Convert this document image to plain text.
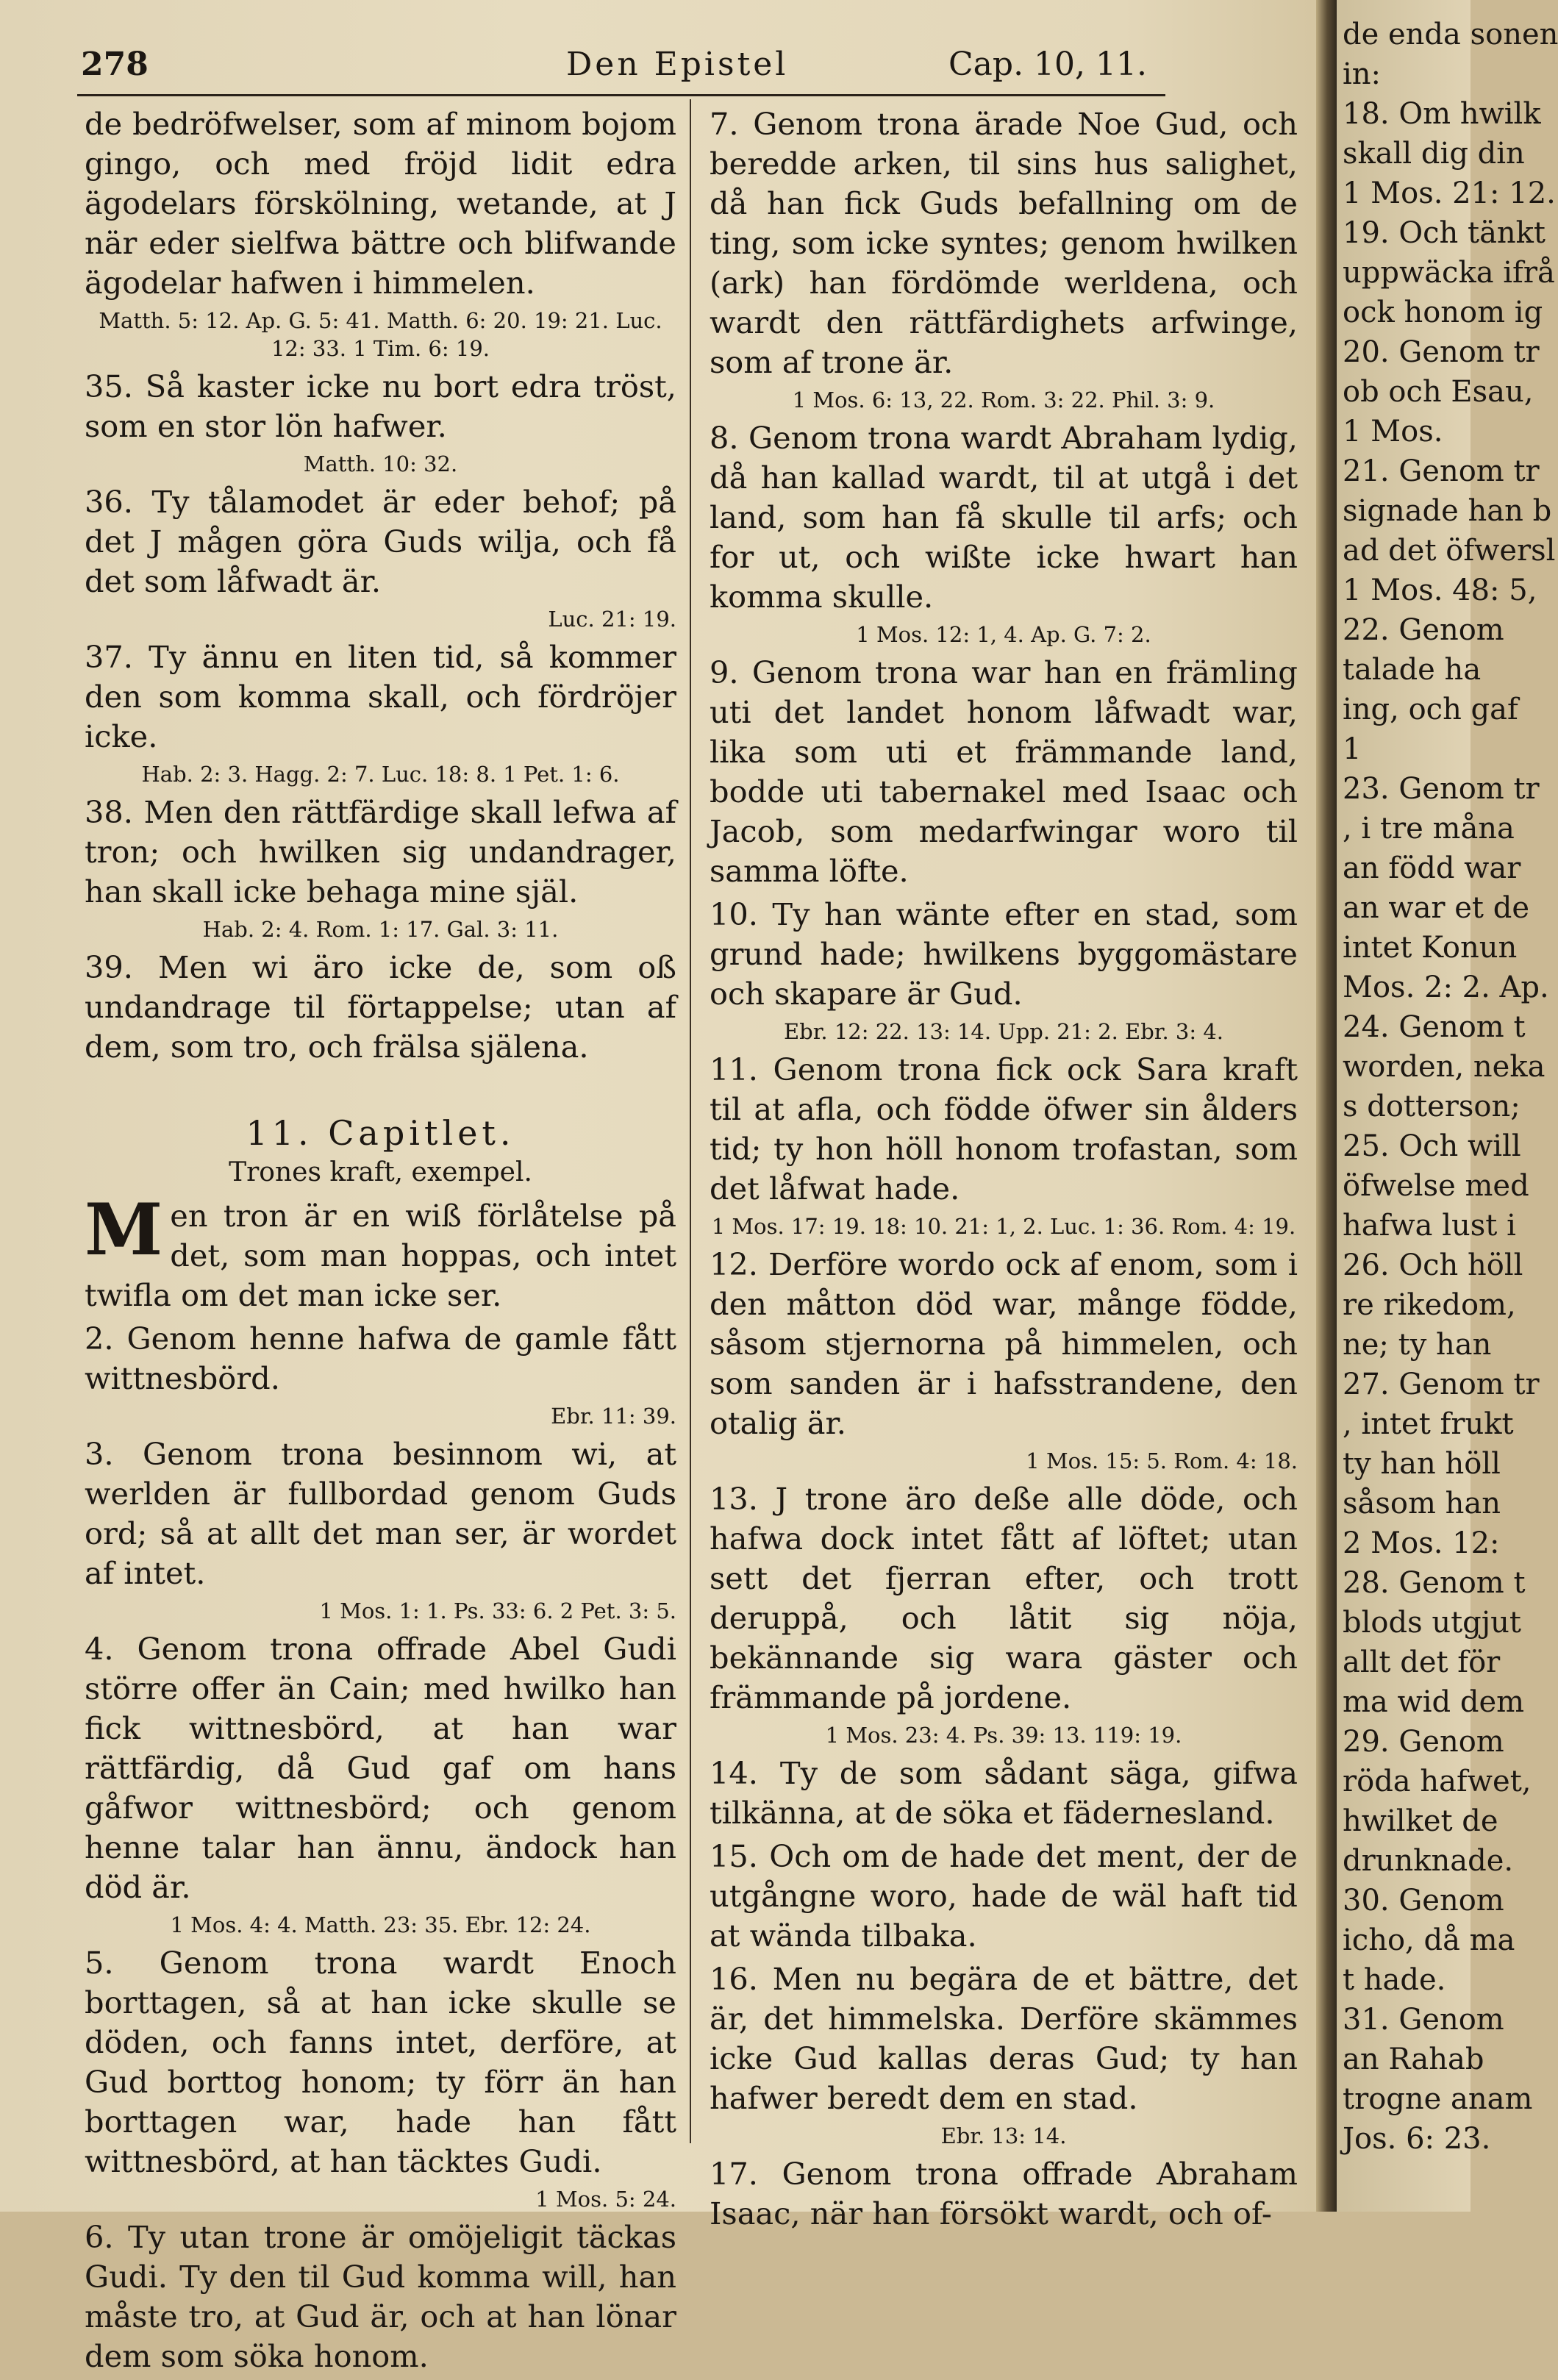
278	Den Epistel	Cap. 10, 11.

de bedröfwelser, som af minom bojom gingo, och med fröjd lidit edra ägodelars förskölning, wetande, at J när eder sielfwa bättre och blifwande ägodelar hafwen i himmelen.

Matth. 5: 12. Ap. G. 5: 41. Matth. 6: 20. 19: 21. Luc. 12: 33. 1 Tim. 6: 19.

35. Så kaster icke nu bort edra tröst, som en stor lön hafwer.

Matth. 10: 32.

36. Ty tålamodet är eder behof; på det J mågen göra Guds wilja, och få det som låfwadt är.

Luc. 21: 19.

37. Ty ännu en liten tid, så kommer den som komma skall, och fördröjer icke.

Hab. 2: 3. Hagg. 2: 7. Luc. 18: 8. 1 Pet. 1: 6.

38. Men den rättfärdige skall lefwa af tron; och hwilken sig undandrager, han skall icke behaga mine själ.

Hab. 2: 4. Rom. 1: 17. Gal. 3: 11.

39. Men wi äro icke de, som oß undandrage til förtappelse; utan af dem, som tro, och frälsa själena.

11. Capitlet.
Trones kraft, exempel.

Men tron är en wiß förlåtelse på det, som man hoppas, och intet twifla om det man icke ser.

2. Genom henne hafwa de gamle fått wittnesbörd.

Ebr. 11: 39.

3. Genom trona besinnom wi, at werlden är fullbordad genom Guds ord; så at allt det man ser, är wordet af intet.

1 Mos. 1: 1. Ps. 33: 6. 2 Pet. 3: 5.

4. Genom trona offrade Abel Gudi större offer än Cain; med hwilko han fick wittnesbörd, at han war rättfärdig, då Gud gaf om hans gåfwor wittnesbörd; och genom henne talar han ännu, ändock han död är.

1 Mos. 4: 4. Matth. 23: 35. Ebr. 12: 24.

5. Genom trona wardt Enoch borttagen, så at han icke skulle se döden, och fanns intet, derföre, at Gud borttog honom; ty förr än han borttagen war, hade han fått wittnesbörd, at han täcktes Gudi.

1 Mos. 5: 24.

6. Ty utan trone är omöjeligit täckas Gudi. Ty den til Gud komma will, han måste tro, at Gud är, och at han lönar dem som söka honom.

7. Genom trona ärade Noe Gud, och beredde arken, til sins hus salighet, då han fick Guds befallning om de ting, som icke syntes; genom hwilken (ark) han fördömde werldena, och wardt den rättfärdighets arfwinge, som af trone är.

1 Mos. 6: 13, 22. Rom. 3: 22. Phil. 3: 9.

8. Genom trona wardt Abraham lydig, då han kallad wardt, til at utgå i det land, som han få skulle til arfs; och for ut, och wißte icke hwart han komma skulle.

1 Mos. 12: 1, 4. Ap. G. 7: 2.

9. Genom trona war han en främling uti det landet honom låfwadt war, lika som uti et främmande land, bodde uti tabernakel med Isaac och Jacob, som medarfwingar woro til samma löfte.

10. Ty han wänte efter en stad, som grund hade; hwilkens byggomästare och skapare är Gud.

Ebr. 12: 22. 13: 14. Upp. 21: 2. Ebr. 3: 4.

11. Genom trona fick ock Sara kraft til at afla, och födde öfwer sin ålders tid; ty hon höll honom trofastan, som det låfwat hade.

1 Mos. 17: 19. 18: 10. 21: 1, 2. Luc. 1: 36. Rom. 4: 19.

12. Derföre wordo ock af enom, som i den måtton död war, månge födde, såsom stjernorna på himmelen, och som sanden är i hafsstrandene, den otalig är.

1 Mos. 15: 5. Rom. 4: 18.

13. J trone äro deße alle döde, och hafwa dock intet fått af löftet; utan sett det fjerran efter, och trott deruppå, och låtit sig nöja, bekännande sig wara gäster och främmande på jordene.

1 Mos. 23: 4. Ps. 39: 13. 119: 19.

14. Ty de som sådant säga, gifwa tilkänna, at de söka et fädernesland.

15. Och om de hade det ment, der de utgångne woro, hade de wäl haft tid at wända tilbaka.

16. Men nu begära de et bättre, det är, det himmelska. Derföre skämmes icke Gud kallas deras Gud; ty han hafwer beredt dem en stad.

Ebr. 13: 14.

17. Genom trona offrade Abraham Isaac, när han försökt wardt, och of-

de enda sonen
in:
18. Om hwilk
skall dig din
1 Mos. 21: 12.
19. Och tänkt
uppwäcka ifrå
ock honom ig
20. Genom tr
ob och Esau,
1 Mos.
21. Genom tr
signade han b
ad det öfwersl
1 Mos. 48: 5,
22. Genom
talade ha
ing, och gaf
1
23. Genom tr
, i tre måna
an född war
an war et de
intet Konun
Mos. 2: 2. Ap.
24. Genom t
worden, neka
s dotterson;
25. Och will
öfwelse med
hafwa lust i
26. Och höll
re rikedom,
ne; ty han
27. Genom tr
, intet frukt
ty han höll
såsom han
2 Mos. 12:
28. Genom t
blods utgjut
allt det för
ma wid dem
29. Genom
röda hafwet,
hwilket de
drunknade.
30. Genom
icho, då ma
t hade.
31. Genom
an Rahab
trogne anam
Jos. 6: 23.
